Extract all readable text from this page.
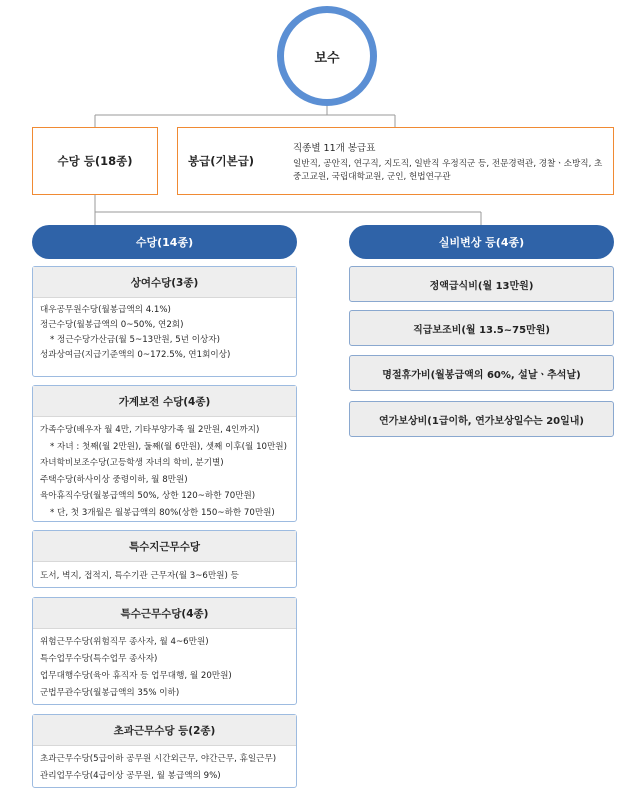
보수
수당 등(18종)	봉급(기본급)
직종별 11개 봉급표
일반직, 공안직, 연구직, 지도직, 일반직 우정직군 등, 전문경력관, 경찰ㆍ소방직, 초중고교원, 국립대학교원, 군인, 헌법연구관
수당(14종)	실비변상 등(4종)
상여수당(3종)
대우공무원수당(월봉급액의 4.1%)
정근수당(월봉급액의 0~50%, 연2회)
* 정근수당가산금(월 5~13만원, 5년 이상자)
성과상여금(지급기준액의 0~172.5%, 연1회이상)
가계보전 수당(4종)
가족수당(배우자 월 4만, 기타부양가족 월 2만원, 4인까지)
* 자녀 : 첫째(월 2만원), 둘째(월 6만원), 셋째 이후(월 10만원)
자녀학비보조수당(고등학생 자녀의 학비, 분기별)
주택수당(하사이상 중령이하, 월 8만원)
육아휴직수당(월봉급액의 50%, 상한 120~하한 70만원)
* 단, 첫 3개월은 월봉급액의 80%(상한 150~하한 70만원)
특수지근무수당
도서, 벽지, 접적지, 특수기관 근무자(월 3~6만원) 등
특수근무수당(4종)
위험근무수당(위험직무 종사자, 월 4~6만원)
특수업무수당(특수업무 종사자)
업무대행수당(육아 휴직자 등 업무대행, 월 20만원)
군법무관수당(월봉급액의 35% 이하)
초과근무수당 등(2종)
초과근무수당(5급이하 공무원 시간외근무, 야간근무, 휴일근무)
관리업무수당(4급이상 공무원, 월 봉급액의 9%)
정액급식비(월 13만원)
직급보조비(월 13.5~75만원)
명절휴가비(월봉급액의 60%, 설날ㆍ추석날)
연가보상비(1급이하, 연가보상일수는 20일내)
